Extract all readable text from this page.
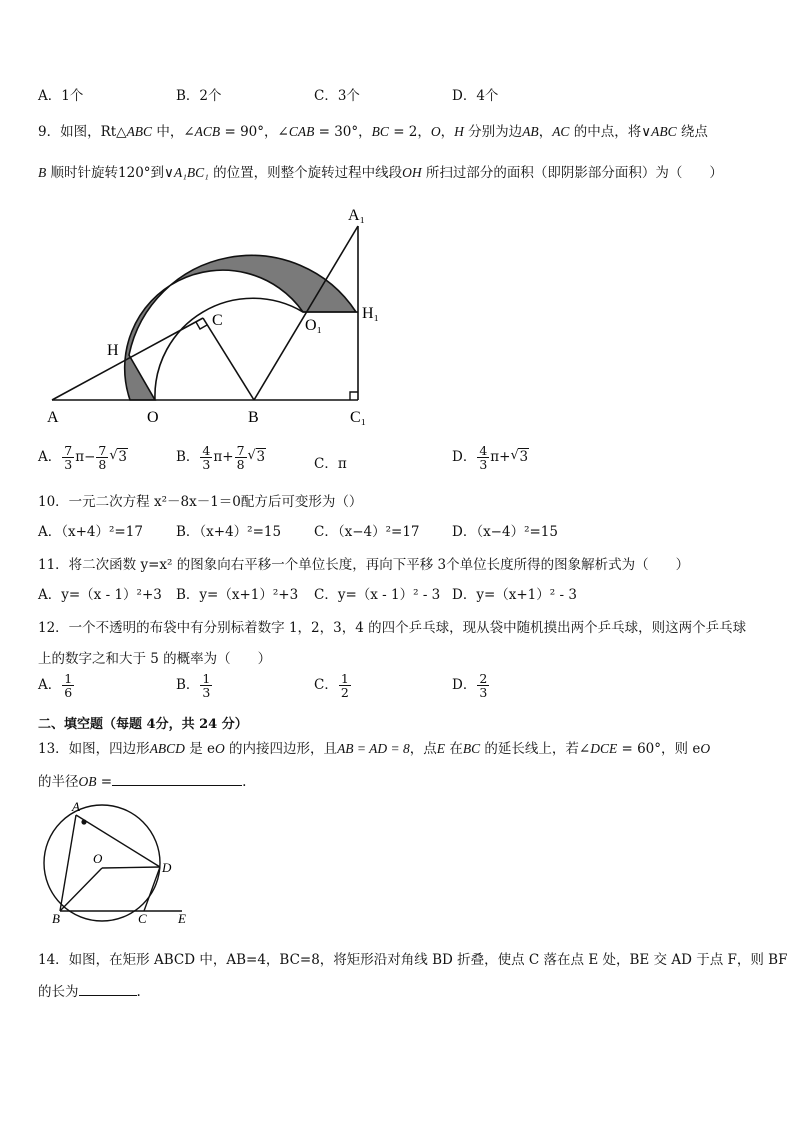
A．1个	B．2个	C．3个	D．4个
9．如图，Rt△ABC 中，∠ACB = 90°，∠CAB = 30°，BC = 2，O，H 分别为边AB，AC 的中点，将∨ABC 绕点
B 顺时针旋转120°到∨A₁BC₁ 的位置，则整个旋转过程中线段OH 所扫过部分的面积（即阴影部分面积）为（　　）
A₁
H₁
O₁
C
H
A	O	B	C₁
A． $\frac{7}{3} \pi- \frac{7}{8}$
√ 3	B． $\frac{4}{3} \pi+ \frac{7}{8}$
√ 3	C．π	D． $\frac{4}{3} \pi+√$ 3
10．一元二次方程 x²－8x－1＝0配方后可变形为（）
A．（x+4）²=17 B．（x+4）²=15 C．（x−4）²=17 D．（x−4）²=15
11．将二次函数 y=x² 的图象向右平移一个单位长度，再向下平移 3个单位长度所得的图象解析式为（　　）
A．y=（x - 1）²+3 B．y=（x+1）²+3 C．y=（x - 1）² - 3 D．y=（x+1）² - 3
12．一个不透明的布袋中有分别标着数字 1，2，3，4 的四个乒乓球，现从袋中随机摸出两个乒乓球，则这两个乒乓球
上的数字之和大于 5 的概率为（　　）
A． $\frac{1}{6}$	B． $\frac{1}{3}$	C． $\frac{1}{2}$	D． $\frac{2}{3}$
二、填空题（每题 4分，共 24 分）
13．如图，四边形ABCD 是 eO 的内接四边形，且AB = AD = 8，点E 在BC 的延长线上，若∠DCE = 60°，则 eO
的半径OB =	.
A
O
D
B	C E
14．如图，在矩形 ABCD 中，AB=4，BC=8，将矩形沿对角线 BD 折叠，使点 C 落在点 E 处，BE 交 AD 于点 F，则 BF
的长为	.
